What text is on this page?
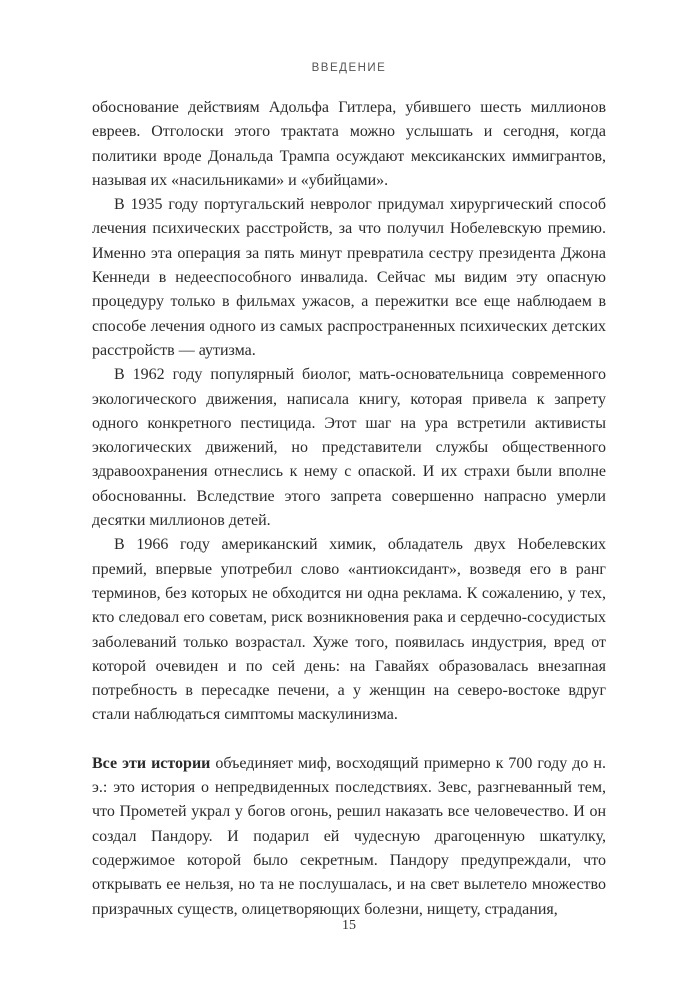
ВВЕДЕНИЕ

обоснование действиям Адольфа Гитлера, убившего шесть миллионов евреев. Отголоски этого трактата можно услышать и сегодня, когда политики вроде Дональда Трампа осуждают мексиканских иммигрантов, называя их «насильниками» и «убийцами».

В 1935 году португальский невролог придумал хирургический способ лечения психических расстройств, за что получил Нобелевскую премию. Именно эта операция за пять минут превратила сестру президента Джона Кеннеди в недееспособного инвалида. Сейчас мы видим эту опасную процедуру только в фильмах ужасов, а пережитки все еще наблюдаем в способе лечения одного из самых распространенных психических детских расстройств — аутизма.

В 1962 году популярный биолог, мать-основательница современного экологического движения, написала книгу, которая привела к запрету одного конкретного пестицида. Этот шаг на ура встретили активисты экологических движений, но представители службы общественного здравоохранения отнеслись к нему с опаской. И их страхи были вполне обоснованны. Вследствие этого запрета совершенно напрасно умерли десятки миллионов детей.

В 1966 году американский химик, обладатель двух Нобелевских премий, впервые употребил слово «антиоксидант», возведя его в ранг терминов, без которых не обходится ни одна реклама. К сожалению, у тех, кто следовал его советам, риск возникновения рака и сердечно-сосудистых заболеваний только возрастал. Хуже того, появилась индустрия, вред от которой очевиден и по сей день: на Гавайях образовалась внезапная потребность в пересадке печени, а у женщин на северо-востоке вдруг стали наблюдаться симптомы маскулинизма.

Все эти истории объединяет миф, восходящий примерно к 700 году до н. э.: это история о непредвиденных последствиях. Зевс, разгневанный тем, что Прометей украл у богов огонь, решил наказать все человечество. И он создал Пандору. И подарил ей чудесную драгоценную шкатулку, содержимое которой было секретным. Пандору предупреждали, что открывать ее нельзя, но та не послушалась, и на свет вылетело множество призрачных существ, олицетворяющих болезни, нищету, страдания,

15
